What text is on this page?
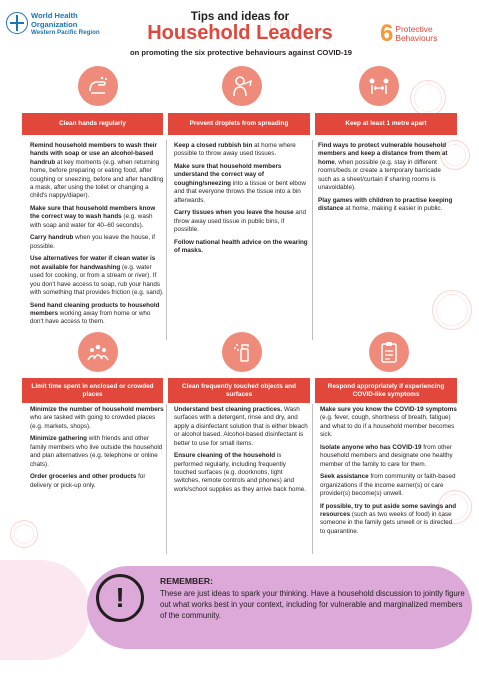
World Health Organization
Western Pacific Region
Tips and ideas for
Household Leaders
on promoting the six protective behaviours against COVID-19
6 Protective
Behaviours
Clean hands regularly	Prevent droplets from spreading	Keep at least 1 metre apart

Remind household members to wash their hands with soap or use an alcohol-based handrub at key moments (e.g. when returning home, before preparing or eating food, after coughing or sneezing, before and after handling a mask, after using the toilet or changing a child's nappy/diaper).

Make sure that household members know the correct way to wash hands (e.g. wash with soap and water for 40–60 seconds).

Carry handrub when you leave the house, if possible.

Use alternatives for water if clean water is not available for handwashing (e.g. water used for cooking, or from a stream or river). If you don't have access to soap, rub your hands with something that provides friction (e.g. sand).

Send hand cleaning products to household members working away from home or who don't have access to them.

Keep a closed rubbish bin at home where possible to throw away used tissues.

Make sure that household members understand the correct way of coughing/sneezing into a tissue or bent elbow and that everyone throws the tissue into a bin afterwards.

Carry tissues when you leave the house and throw away used tissue in public bins, if possible.

Follow national health advice on the wearing of masks.

Find ways to protect vulnerable household members and keep a distance from them at home, when possible (e.g. stay in different rooms/beds or create a temporary barricade such as a sheet/curtain if sharing rooms is unavoidable).

Play games with children to practise keeping distance at home, making it easier in public.

Limit time spent in enclosed or crowded places
Clean frequently touched objects and surfaces
Respond appropriately if experiencing COVID-like symptoms

Minimize the number of household members who are tasked with going to crowded places (e.g. markets, shops).

Minimize gathering with friends and other family members who live outside the household and plan alternatives (e.g. telephone or online chats).

Order groceries and other products for delivery or pick-up only.

Understand best cleaning practices. Wash surfaces with a detergent, rinse and dry, and apply a disinfectant solution that is either bleach or alcohol based. Alcohol-based disinfectant is better to use for small items.

Ensure cleaning of the household is performed regularly, including frequently touched surfaces (e.g. doorknobs, light switches, remote controls and phones) and work/school supplies as they arrive back home.

Make sure you know the COVID-19 symptoms (e.g. fever, cough, shortness of breath, fatigue) and what to do if a household member becomes sick.

Isolate anyone who has COVID-19 from other household members and designate one healthy member of the family to care for them.

Seek assistance from community or faith-based organizations if the income earner(s) or care provider(s) become(s) unwell.

If possible, try to put aside some savings and resources (such as two weeks of food) in case someone in the family gets unwell or is directed to quarantine.

!
REMEMBER:
These are just ideas to spark your thinking. Have a household discussion to jointly figure out what works best in your context, including for vulnerable and marginalized members of the community.
